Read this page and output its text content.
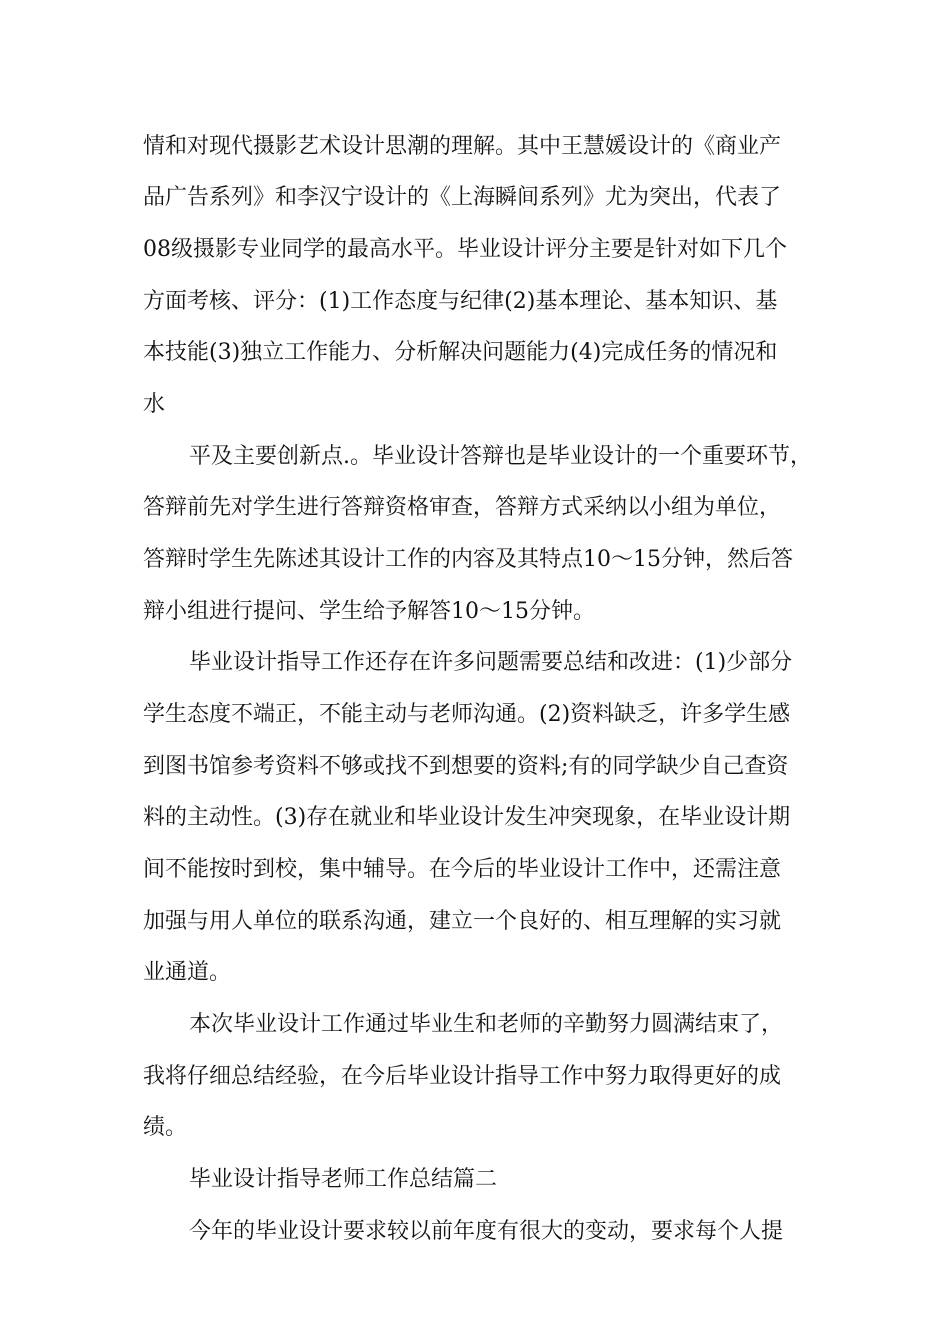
情和对现代摄影艺术设计思潮的理解。其中王慧媛设计的《商业产
品广告系列》和李汉宁设计的《上海瞬间系列》尤为突出，代表了
08级摄影专业同学的最高水平。毕业设计评分主要是针对如下几个
方面考核、评分：(1)工作态度与纪律(2)基本理论、基本知识、基
本技能(3)独立工作能力、分析解决问题能力(4)完成任务的情况和
水
平及主要创新点.。毕业设计答辩也是毕业设计的一个重要环节，
答辩前先对学生进行答辩资格审查，答辩方式采纳以小组为单位，
答辩时学生先陈述其设计工作的内容及其特点10～15分钟，然后答
辩小组进行提问、学生给予解答10～15分钟。
毕业设计指导工作还存在许多问题需要总结和改进：(1)少部分
学生态度不端正，不能主动与老师沟通。(2)资料缺乏，许多学生感
到图书馆参考资料不够或找不到想要的资料;有的同学缺少自己查资
料的主动性。(3)存在就业和毕业设计发生冲突现象，在毕业设计期
间不能按时到校，集中辅导。在今后的毕业设计工作中，还需注意
加强与用人单位的联系沟通，建立一个良好的、相互理解的实习就
业通道。
本次毕业设计工作通过毕业生和老师的辛勤努力圆满结束了，
我将仔细总结经验，在今后毕业设计指导工作中努力取得更好的成
绩。
毕业设计指导老师工作总结篇二
今年的毕业设计要求较以前年度有很大的变动，要求每个人提
